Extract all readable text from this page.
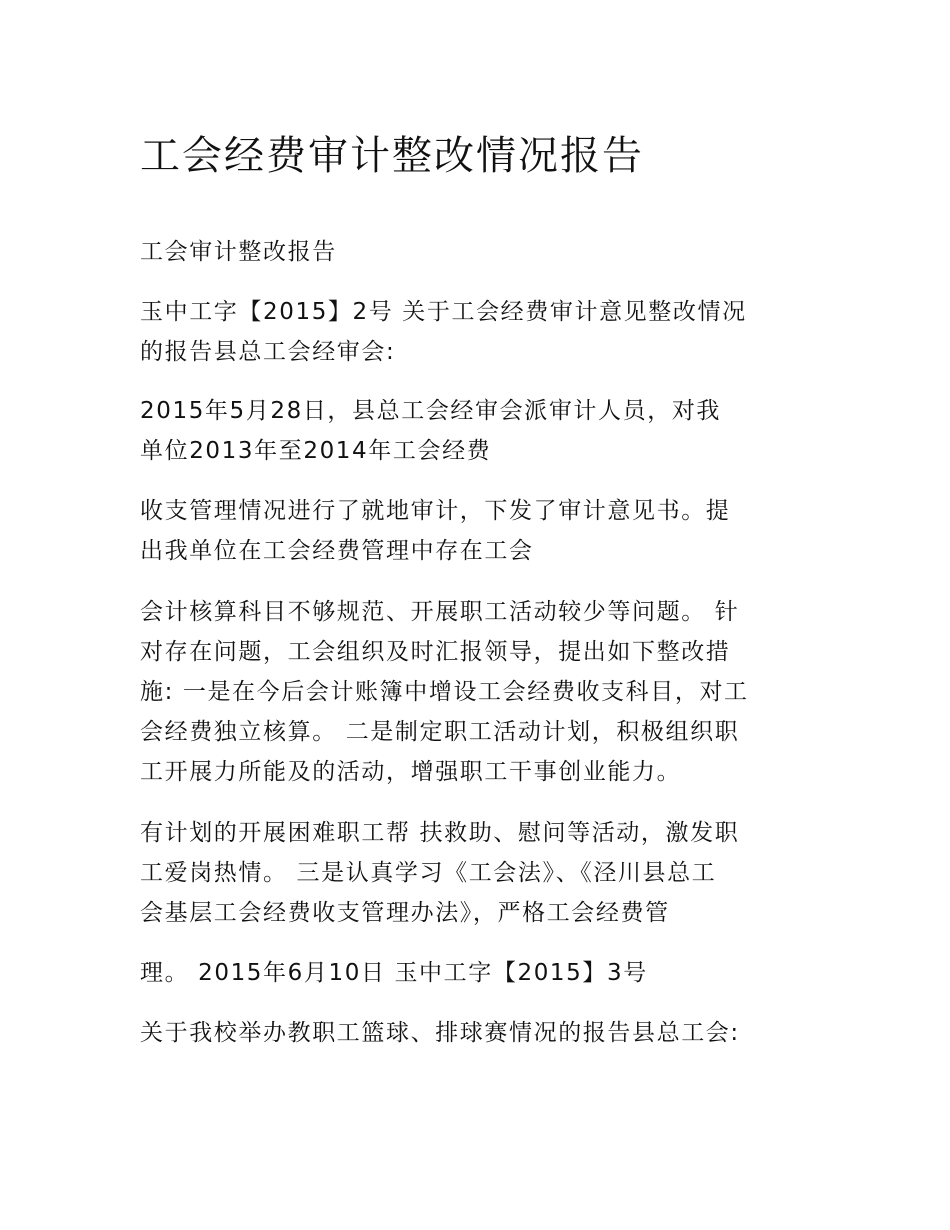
工会经费审计整改情况报告
工会审计整改报告
玉中工字【2015】2号 关于工会经费审计意见整改情况
的报告县总工会经审会:
2015年5月28日，县总工会经审会派审计人员，对我
单位2013年至2014年工会经费
收支管理情况进行了就地审计，下发了审计意见书。提
出我单位在工会经费管理中存在工会
会计核算科目不够规范、开展职工活动较少等问题。 针
对存在问题，工会组织及时汇报领导，提出如下整改措
施: 一是在今后会计账簿中增设工会经费收支科目，对工
会经费独立核算。 二是制定职工活动计划，积极组织职
工开展力所能及的活动，增强职工干事创业能力。
有计划的开展困难职工帮 扶救助、慰问等活动，激发职
工爱岗热情。 三是认真学习《工会法》、《泾川县总工
会基层工会经费收支管理办法》，严格工会经费管
理。 2015年6月10日 玉中工字【2015】3号
关于我校举办教职工篮球、排球赛情况的报告县总工会:
